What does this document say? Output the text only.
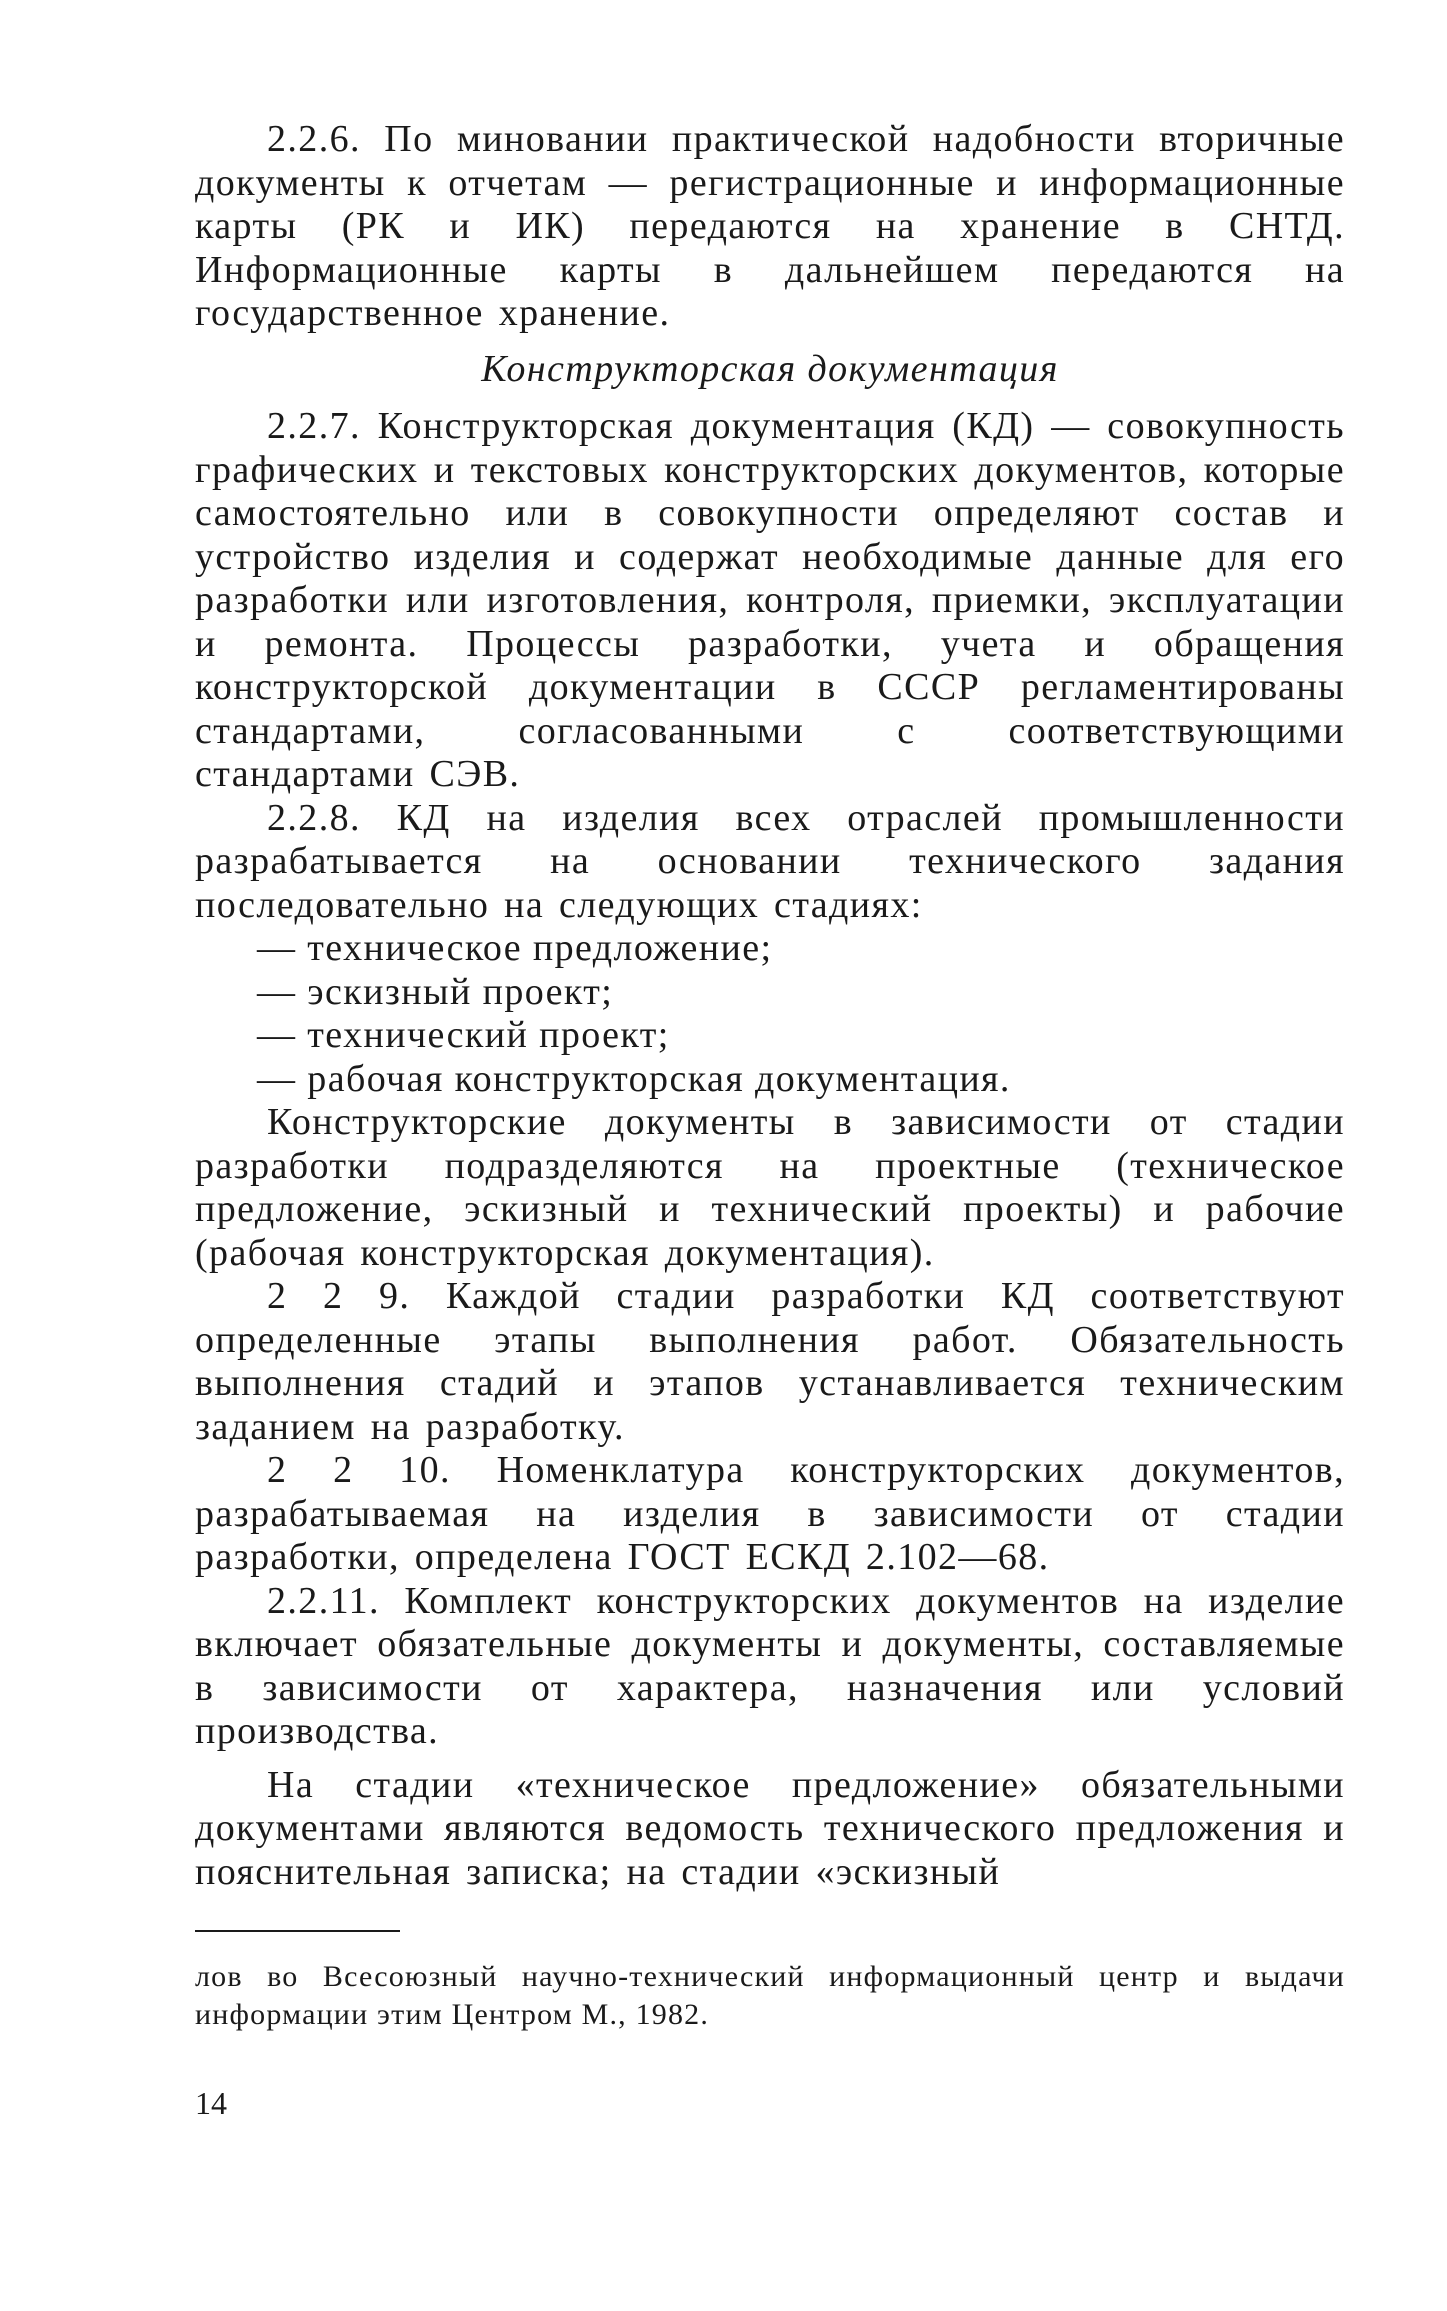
2.2.6. По миновании практической надобности вторичные документы к отчетам — регистрационные и информационные карты (РК и ИК) передаются на хранение в СНТД. Информационные карты в дальнейшем передаются на государственное хранение.

Конструкторская документация

2.2.7. Конструкторская документация (КД) — совокупность графических и текстовых конструкторских документов, которые самостоятельно или в совокупности определяют состав и устройство изделия и содержат необходимые данные для его разработки или изготовления, контроля, приемки, эксплуатации и ремонта. Процессы разработки, учета и обращения конструкторской документации в СССР регламентированы стандартами, согласованными с соответствующими стандартами СЭВ.

2.2.8. КД на изделия всех отраслей промышленности разрабатывается на основании технического задания последовательно на следующих стадиях:

— техническое предложение;

— эскизный проект;

— технический проект;

— рабочая конструкторская документация.

Конструкторские документы в зависимости от стадии разработки подразделяются на проектные (техническое предложение, эскизный и технический проекты) и рабочие (рабочая конструкторская документация).

2 2 9. Каждой стадии разработки КД соответствуют определенные этапы выполнения работ. Обязательность выполнения стадий и этапов устанавливается техническим заданием на разработку.

2 2 10. Номенклатура конструкторских документов, разрабатываемая на изделия в зависимости от стадии разработки, определена ГОСТ ЕСКД 2.102—68.

2.2.11. Комплект конструкторских документов на изделие включает обязательные документы и документы, составляемые в зависимости от характера, назначения или условий производства.

На стадии «техническое предложение» обязательными документами являются ведомость технического предложения и пояснительная записка; на стадии «эскизный

лов во Всесоюзный научно-технический информационный центр и выдачи информации этим Центром М., 1982.

14
